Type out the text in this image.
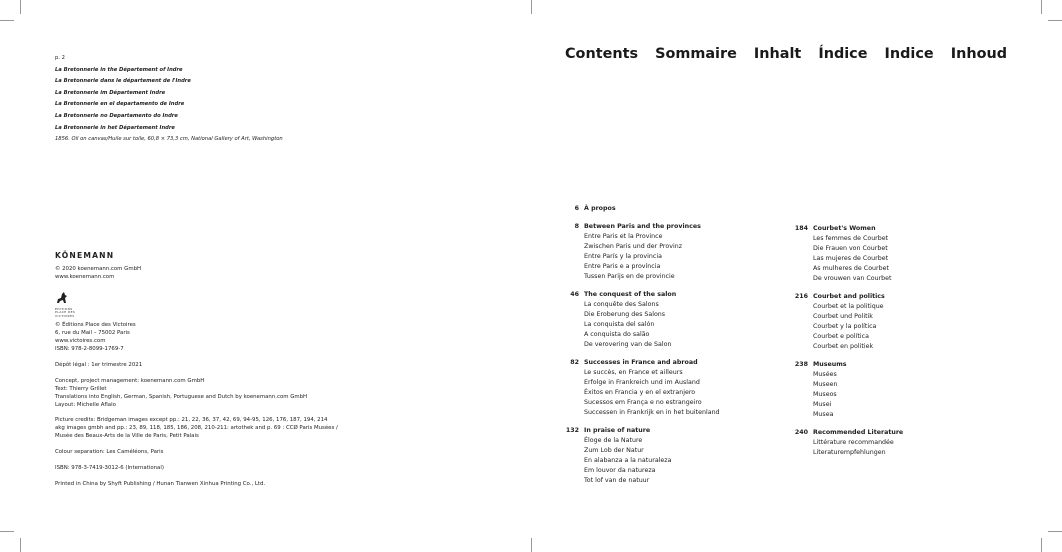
p. 2
La Bretonnerie in the Département of Indre
La Bretonnerie dans le département de l'Indre
La Bretonnerie im Département Indre
La Bretonnerie en el departamento de Indre
La Bretonnerie no Departamento do Indre
La Bretonnerie in het Département Indre
1856. Oil on canvas/Huile sur toile, 60,8 × 73,3 cm, National Gallery of Art, Washington
KÖNEMANN
© 2020 koenemann.com GmbH
www.koenemann.com
ÉDITIONS
PLACE DES
VICTOIRES
© Éditions Place des Victoires
6, rue du Mail – 75002 Paris
www.victoires.com
ISBN: 978-2-8099-1769-7
Dépôt légal : 1er trimestre 2021
Concept, project management: koenemann.com GmbH
Text: Thierry Grillet
Translations into English, German, Spanish, Portuguese and Dutch by koenemann.com GmbH
Layout: Michelle Aflalo
Picture credits: Bridgeman images except pp.: 21, 22, 36, 37, 42, 69, 94-95, 126, 176, 187, 194, 214
akg images gmbh and pp.: 23, 89, 118, 185, 186, 208, 210-211: artothek and p. 69 : CCØ Paris Musées /
Musée des Beaux-Arts de la Ville de Paris, Petit Palais
Colour separation: Les Caméléons, Paris
ISBN: 978-3-7419-3012-6 (International)
Printed in China by Shyft Publishing / Hunan Tianwen Xinhua Printing Co., Ltd.
Contents Sommaire Inhalt Índice Indice Inhoud
6 À propos
8 Between Paris and the provinces
Entre Paris et la Province
Zwischen Paris und der Provinz
Entre París y la provincia
Entre Paris e a província
Tussen Parijs en de provincie
46 The conquest of the salon
La conquête des Salons
Die Eroberung des Salons
La conquista del salón
A conquista do salão
De verovering van de Salon
82 Successes in France and abroad
Le succès, en France et ailleurs
Erfolge in Frankreich und im Ausland
Éxitos en Francia y en el extranjero
Sucessos em França e no estrangeiro
Successen in Frankrijk en in het buitenland
132 In praise of nature
Éloge de la Nature
Zum Lob der Natur
En alabanza a la naturaleza
Em louvor da natureza
Tot lof van de natuur
184 Courbet's Women
Les femmes de Courbet
Die Frauen von Courbet
Las mujeres de Courbet
As mulheres de Courbet
De vrouwen van Courbet
216 Courbet and politics
Courbet et la politique
Courbet und Politik
Courbet y la política
Courbet e política
Courbet en politiek
238 Museums
Musées
Museen
Museos
Musei
Musea
240 Recommended Literature
Littérature recommandée
Literaturempfehlungen
